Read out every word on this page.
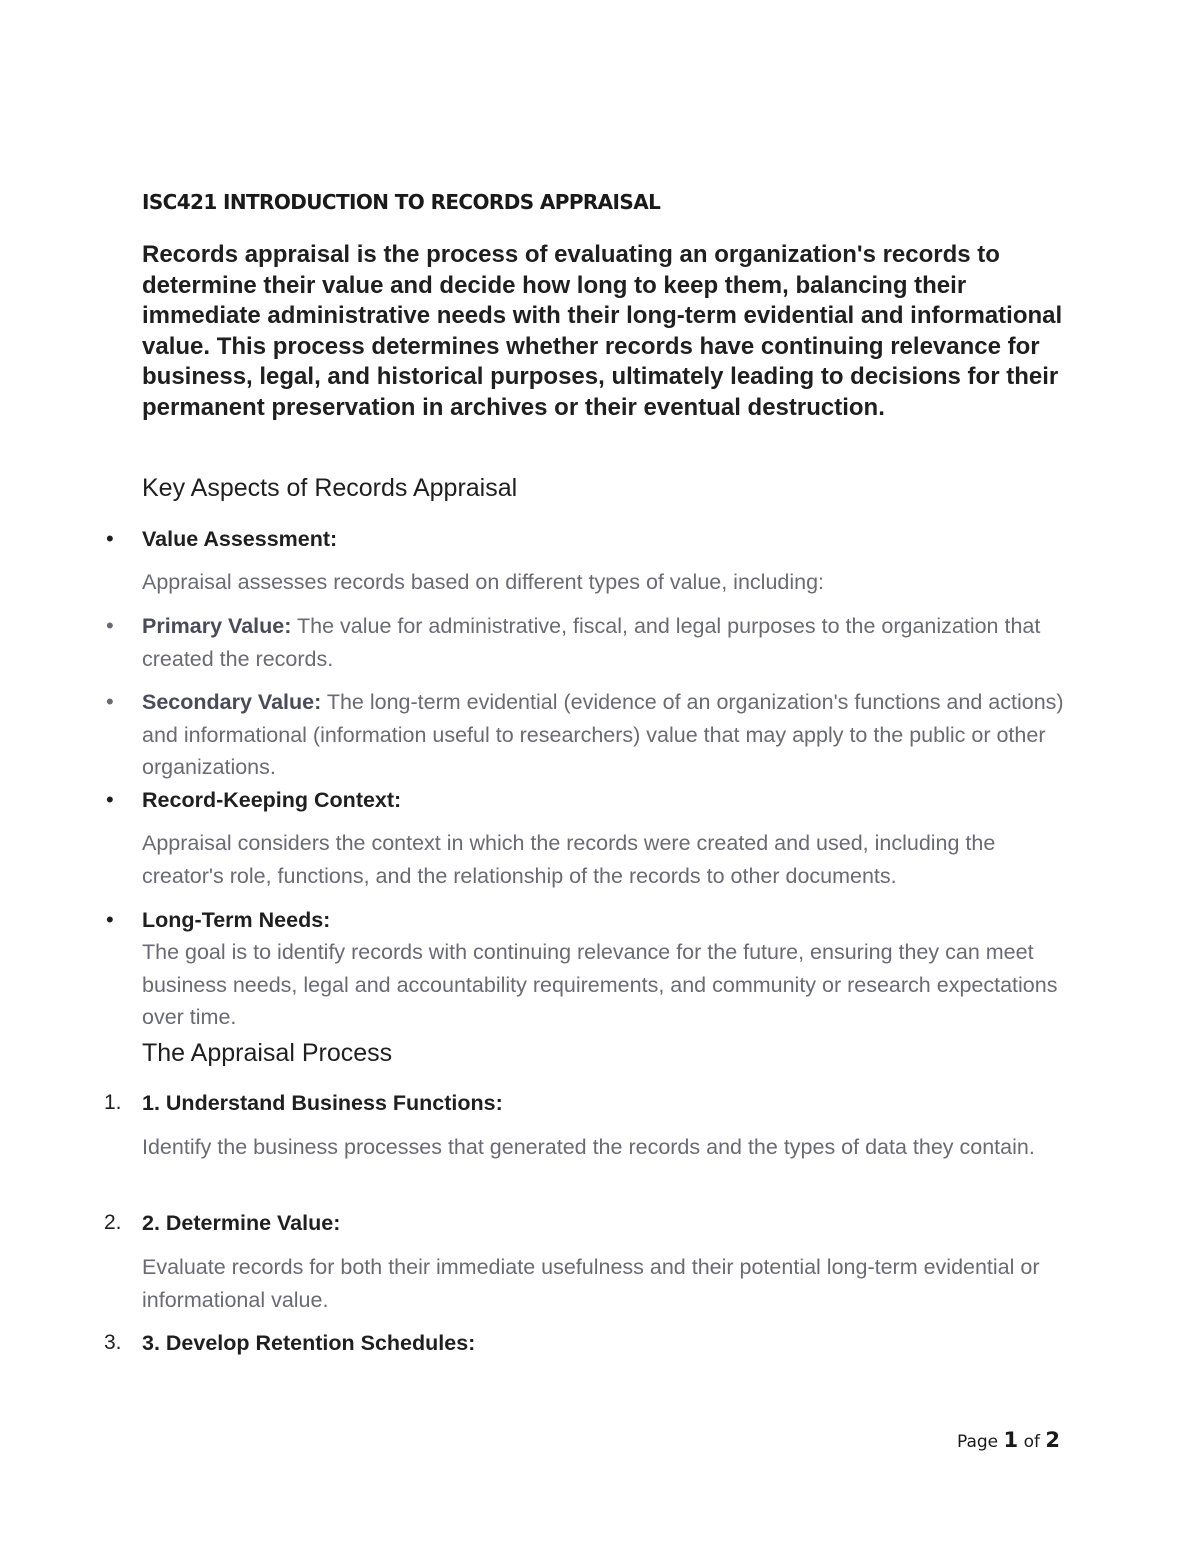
ISC421 INTRODUCTION TO RECORDS APPRAISAL

Records appraisal is the process of evaluating an organization's records to determine their value and decide how long to keep them, balancing their immediate administrative needs with their long-term evidential and informational value. This process determines whether records have continuing relevance for business, legal, and historical purposes, ultimately leading to decisions for their permanent preservation in archives or their eventual destruction.

Key Aspects of Records Appraisal
• Value Assessment:
Appraisal assesses records based on different types of value, including:
• Primary Value: The value for administrative, fiscal, and legal purposes to the organization that created the records.
• Secondary Value: The long-term evidential (evidence of an organization's functions and actions) and informational (information useful to researchers) value that may apply to the public or other organizations.
• Record-Keeping Context:
Appraisal considers the context in which the records were created and used, including the creator's role, functions, and the relationship of the records to other documents.
• Long-Term Needs:
The goal is to identify records with continuing relevance for the future, ensuring they can meet business needs, legal and accountability requirements, and community or research expectations over time.
The Appraisal Process
1. 1. Understand Business Functions:
Identify the business processes that generated the records and the types of data they contain.
2. 2. Determine Value:
Evaluate records for both their immediate usefulness and their potential long-term evidential or informational value.
3. 3. Develop Retention Schedules:
Page 1 of 2
